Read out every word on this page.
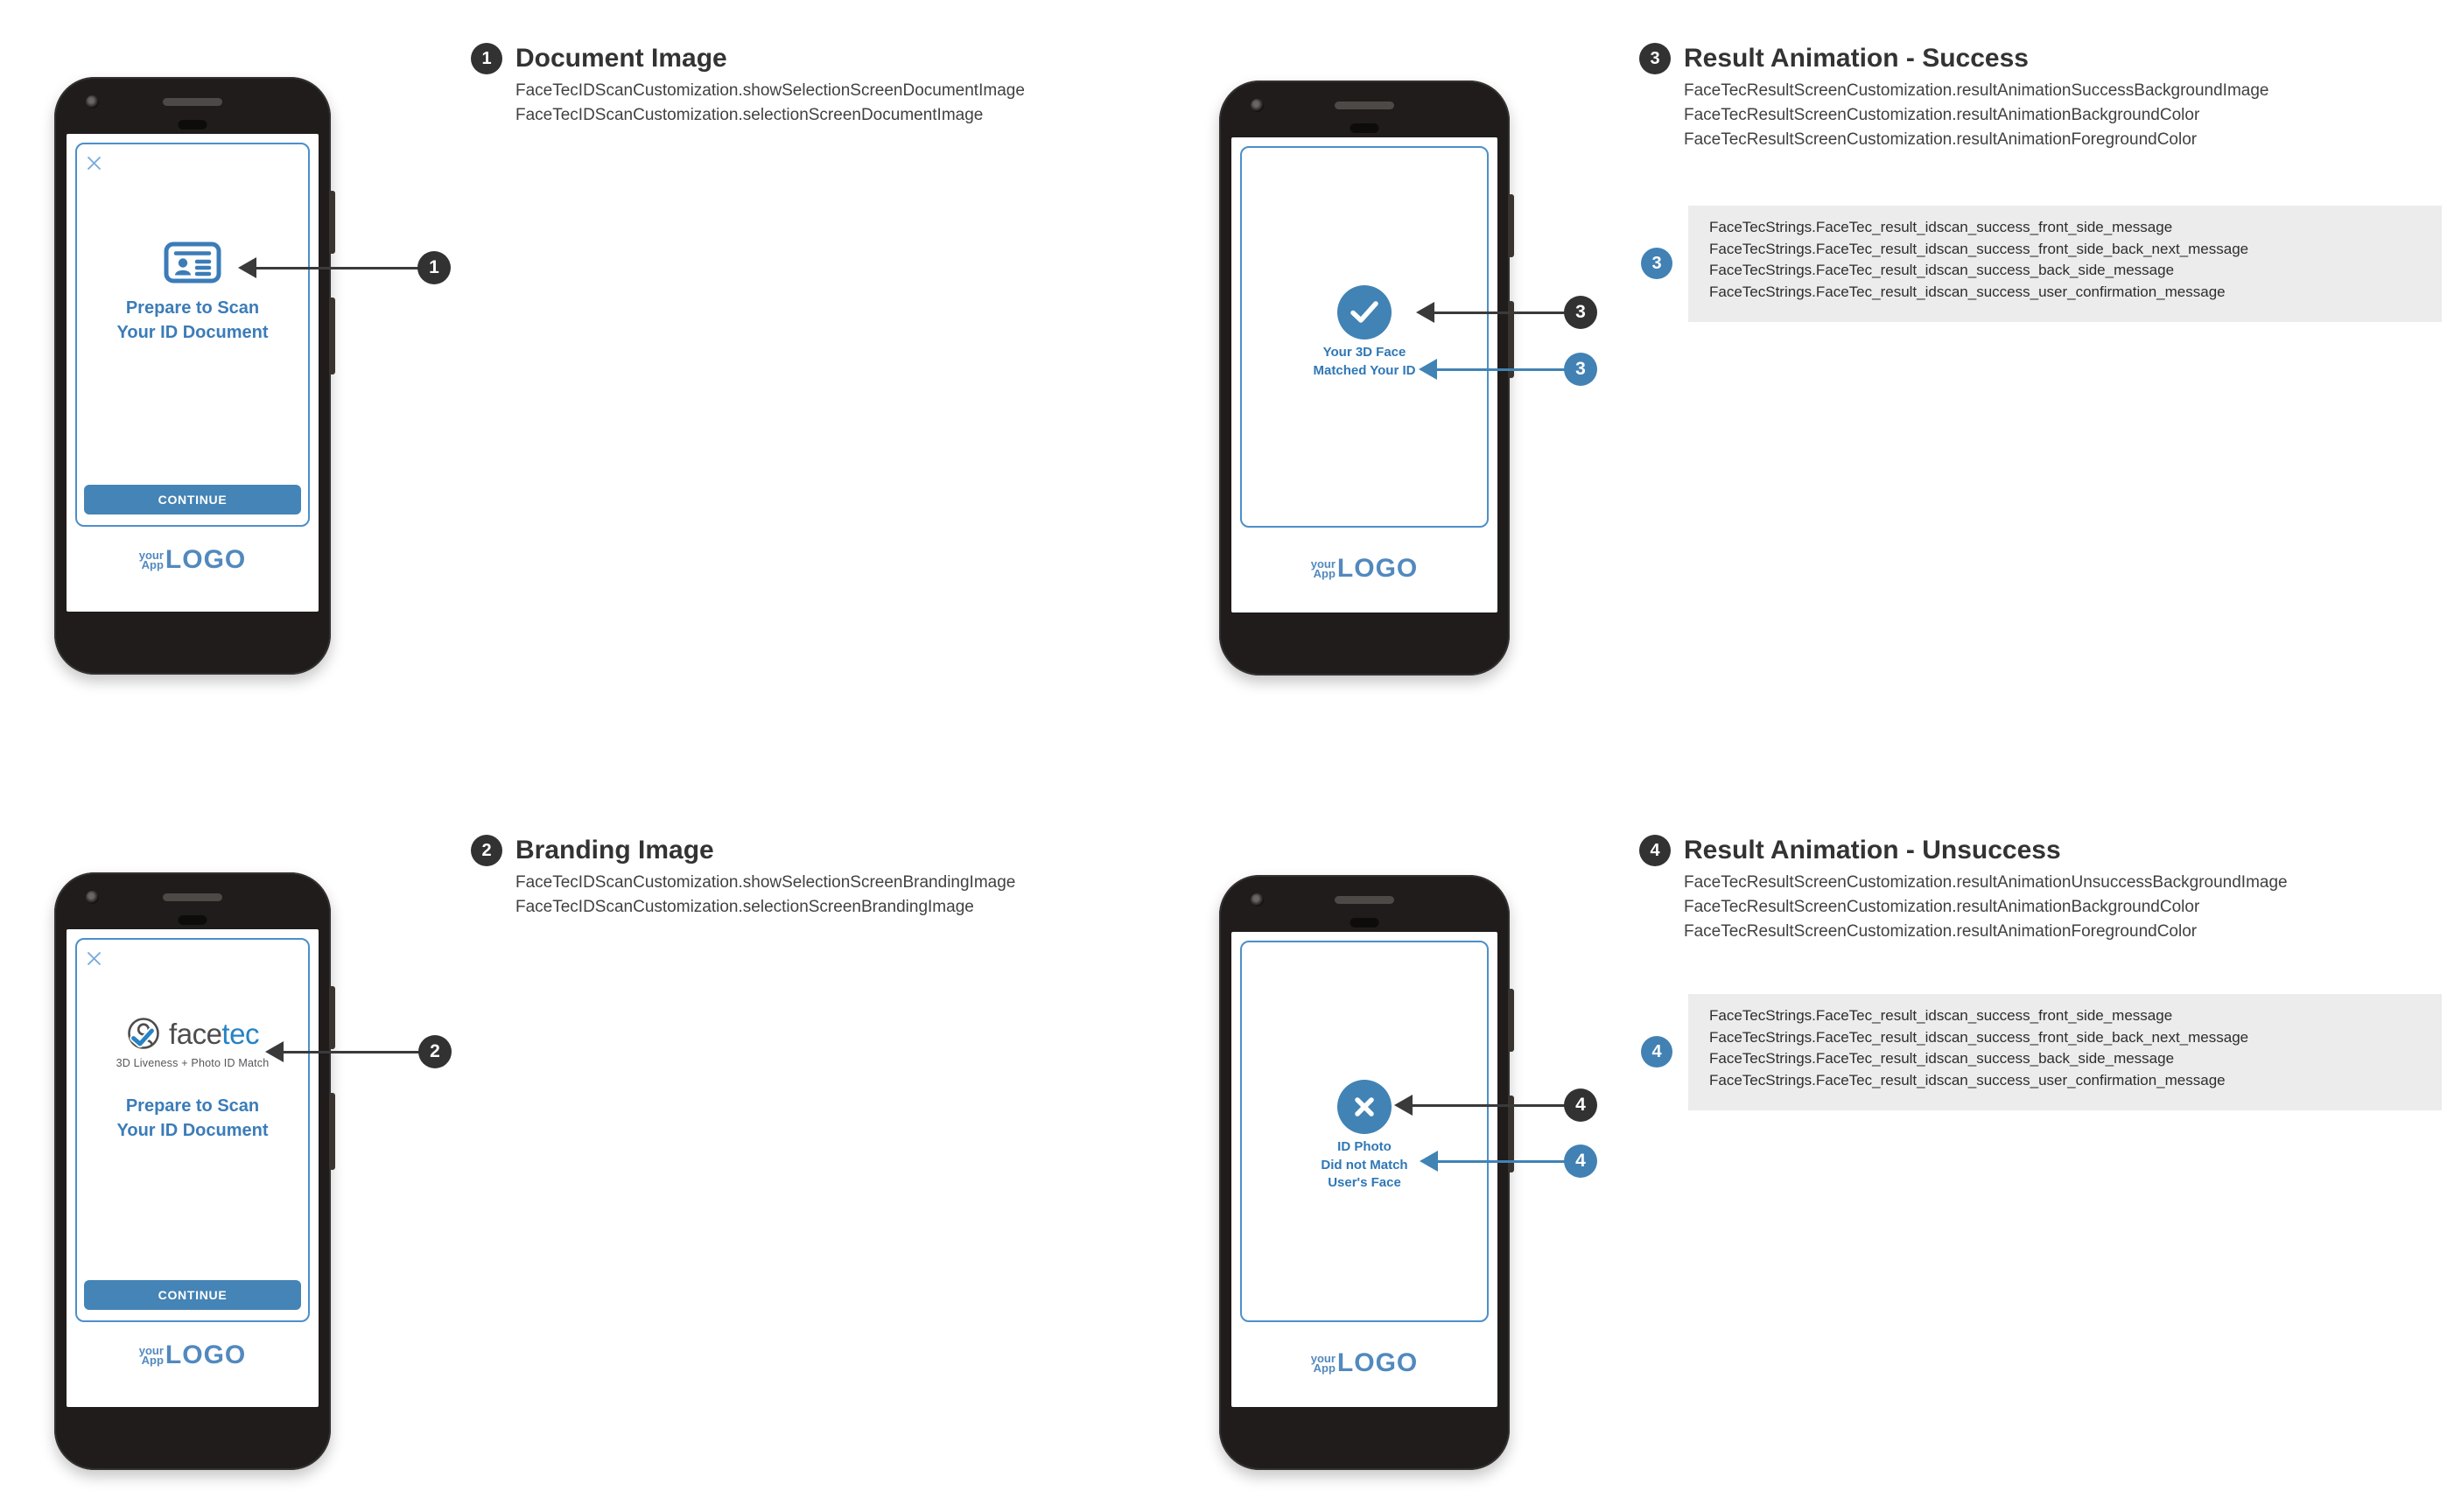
Prepare to Scan
Your ID Document
CONTINUE
your
App LOGO
facetec
3D Liveness + Photo ID Match
Prepare to Scan
Your ID Document
CONTINUE
your
App LOGO
Your 3D Face
Matched Your ID
your
App LOGO
ID Photo
Did not Match
User's Face
your
App LOGO
1 Document Image
FaceTecIDScanCustomization.showSelectionScreenDocumentImage
FaceTecIDScanCustomization.selectionScreenDocumentImage
2 Branding Image
FaceTecIDScanCustomization.showSelectionScreenBrandingImage
FaceTecIDScanCustomization.selectionScreenBrandingImage
3 Result Animation - Success
FaceTecResultScreenCustomization.resultAnimationSuccessBackgroundImage
FaceTecResultScreenCustomization.resultAnimationBackgroundColor
FaceTecResultScreenCustomization.resultAnimationForegroundColor
4 Result Animation - Unsuccess
FaceTecResultScreenCustomization.resultAnimationUnsuccessBackgroundImage
FaceTecResultScreenCustomization.resultAnimationBackgroundColor
FaceTecResultScreenCustomization.resultAnimationForegroundColor
FaceTecStrings.FaceTec_result_idscan_success_front_side_message
FaceTecStrings.FaceTec_result_idscan_success_front_side_back_next_message
FaceTecStrings.FaceTec_result_idscan_success_back_side_message
FaceTecStrings.FaceTec_result_idscan_success_user_confirmation_message
3
FaceTecStrings.FaceTec_result_idscan_success_front_side_message
FaceTecStrings.FaceTec_result_idscan_success_front_side_back_next_message
FaceTecStrings.FaceTec_result_idscan_success_back_side_message
FaceTecStrings.FaceTec_result_idscan_success_user_confirmation_message
4
1
2
3
3
4
4
